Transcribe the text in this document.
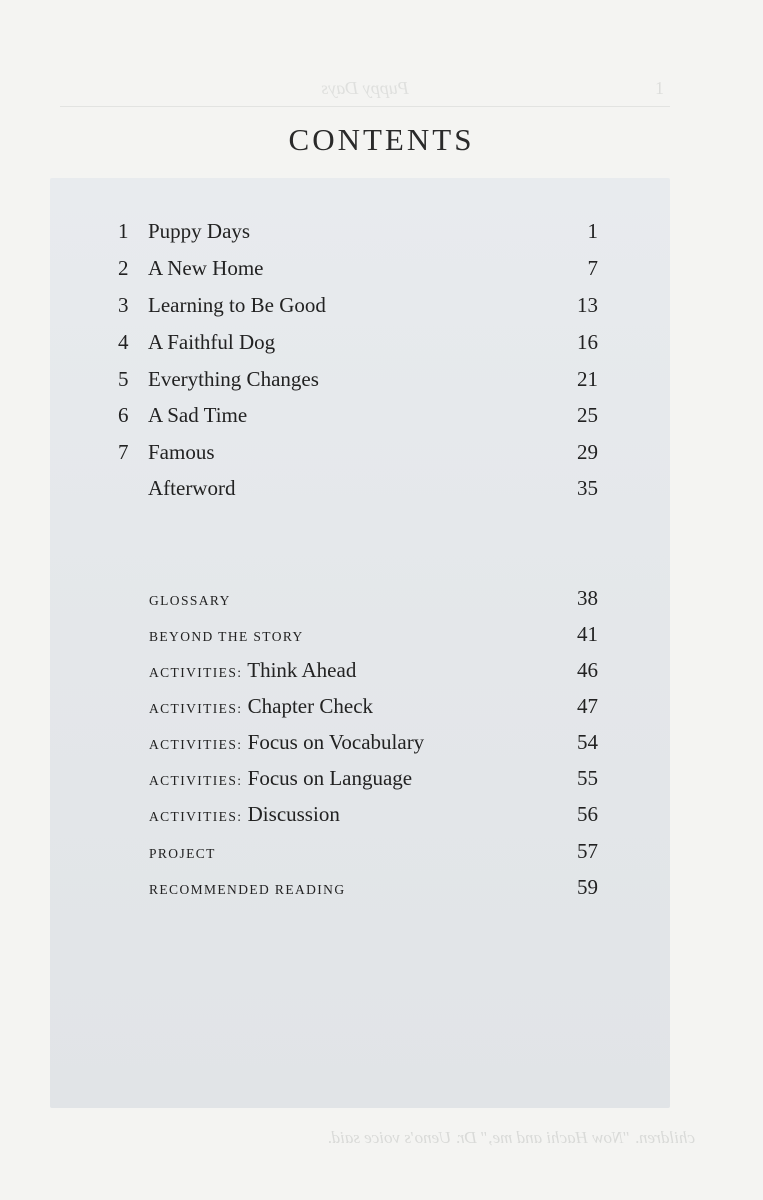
Puppy Days	1
children. "Now Hachi and me," Dr. Ueno's voice said.
CONTENTS
1 Puppy Days	1
2 A New Home	7
3 Learning to Be Good	13
4 A Faithful Dog	16
5 Everything Changes	21
6 A Sad Time	25
7 Famous	29
Afterword	35
GLOSSARY	38
BEYOND THE STORY	41
ACTIVITIES: Think Ahead	46
ACTIVITIES: Chapter Check	47
ACTIVITIES: Focus on Vocabulary	54
ACTIVITIES: Focus on Language	55
ACTIVITIES: Discussion	56
PROJECT	57
RECOMMENDED READING	59
